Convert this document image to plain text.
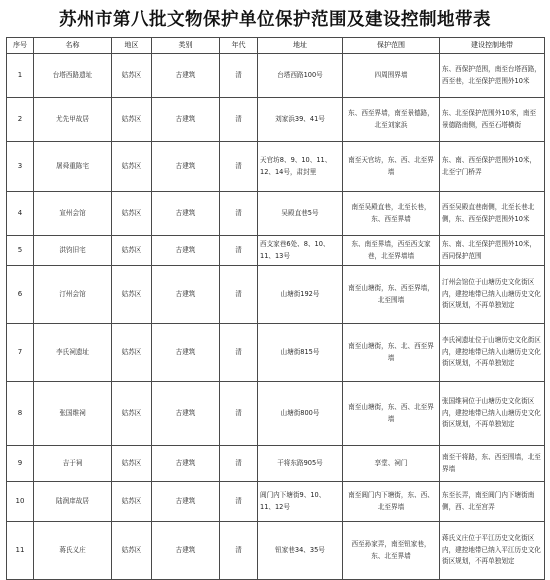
苏州市第八批文物保护单位保护范围及建设控制地带表
序号	名称	地区	类别	年代	地址	保护范围	建设控制地带
1	台塔西路遗址	姑苏区	古建筑	清	台塔西路100号	四周围界墙	东、西保护范围，南至台塔西路，西至巷，北至保护范围外10米
2	尤先甲故居	姑苏区	古建筑	清	刘家浜39、41号	东、西至界墙，南至景德路，北至刘家浜	东、北至保护范围外10米，南至景德路南侧，西至石塔横街
3	屠舜重陈宅	姑苏区	古建筑	清	天官坊8、9、10、11、12、14号，肃封里	南至天官坊，东、西、北至界墙	东、南、西至保护范围外10米，北至宁门桥弄
4	宣州会馆	姑苏区	古建筑	清	吴殿直巷5号	南至吴殿直巷，北至长巷，东、西至界墙	西至吴殿直巷南侧，北至长巷北侧，东、西至保护范围外10米
5	洪钧旧宅	姑苏区	古建筑	清	西支家巷6处、8、10、11、13号	东、南至界墙，西至西支家巷，北至界墙墙	东、南、北至保护范围外10米，西同保护范围
6	汀州会馆	姑苏区	古建筑	清	山塘街192号	南至山塘街，东、西至界墙，北至围墙	汀州会馆位于山塘历史文化街区内，建控地带已纳入山塘历史文化街区规划，不再单独划定
7	李氏祠遗址	姑苏区	古建筑	清	山塘街815号	南至山塘街，东、北、西至界墙	李氏祠遗址位于山塘历史文化街区内，建控地带已纳入山塘历史文化街区规划，不再单独划定
8	张国维祠	姑苏区	古建筑	清	山塘街800号	南至山塘街，东、西、北至界墙	张国维祠位于山塘历史文化街区内，建控地带已纳入山塘历史文化街区规划，不再单独划定
9	吉于祠	姑苏区	古建筑	清	干将东路905号	享堂、祠门	南至干将路，东、西至围墙，北至界墙
10	陆润庠故居	姑苏区	古建筑	清	阊门内下塘街9、10、11、12号	南至阊门内下塘街，东、西、北至界墙	东至长弄，南至阊门内下塘街南侧，西、北至宫弄
11	蒋氏义庄	姑苏区	古建筑	清	钮家巷34、35号	西至孙家弄，南至钮家巷，东、北至界墙	蒋氏义庄位于平江历史文化街区内，建控地带已纳入平江历史文化街区规划，不再单独划定
